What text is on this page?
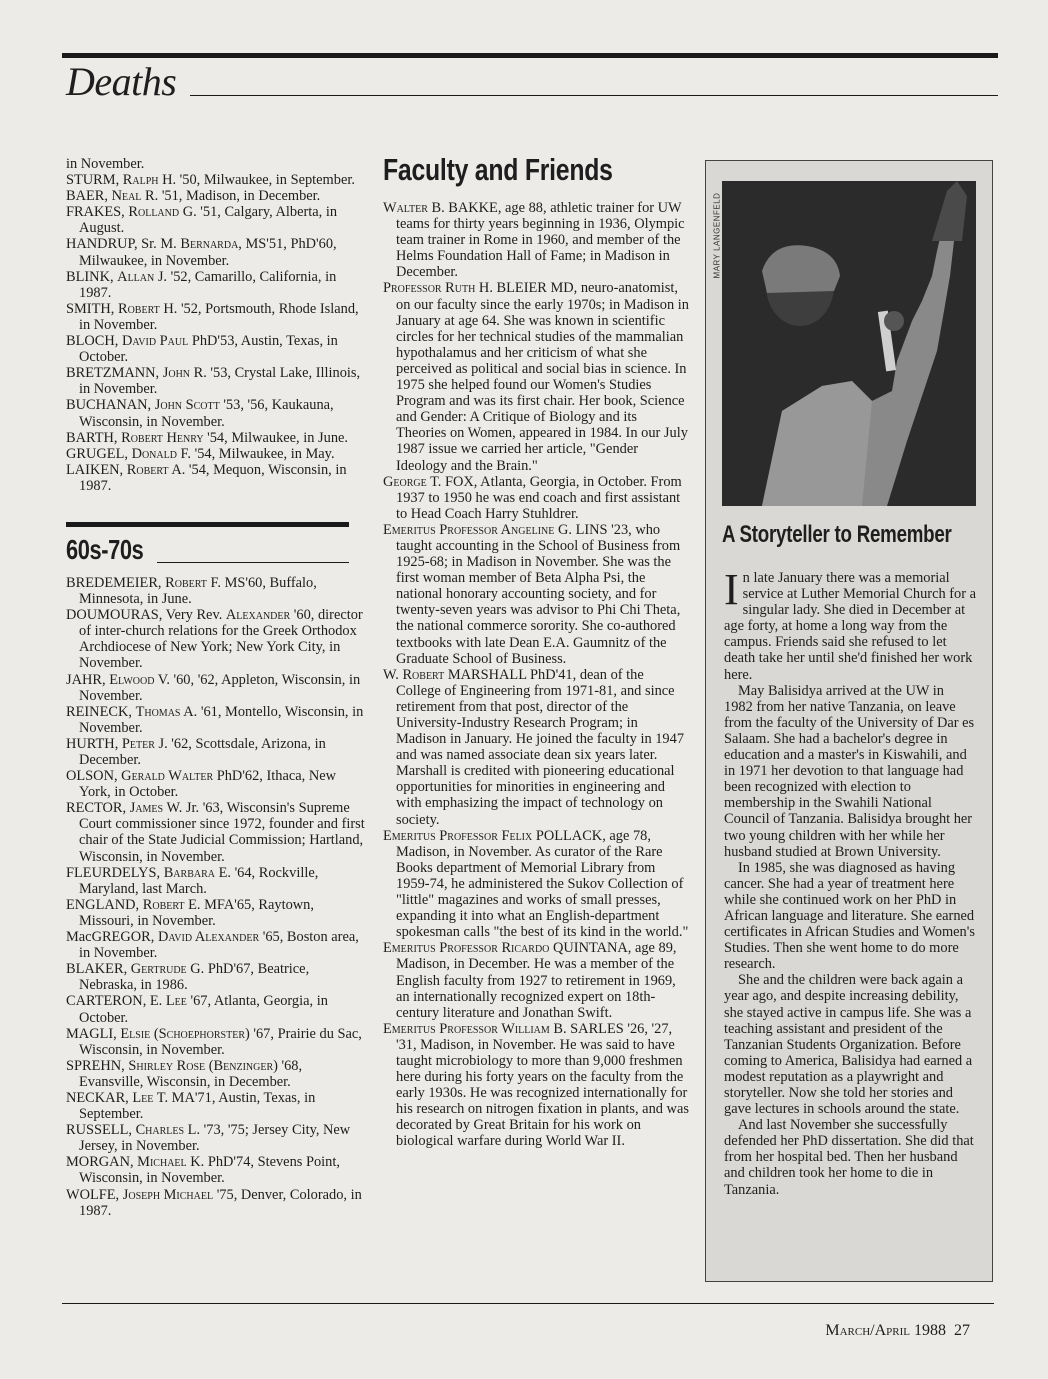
Deaths

in November.

STURM, Ralph H. '50, Milwaukee, in September.

BAER, Neal R. '51, Madison, in December.

FRAKES, Rolland G. '51, Calgary, Alberta, in August.

HANDRUP, Sr. M. Bernarda, MS'51, PhD'60, Milwaukee, in November.

BLINK, Allan J. '52, Camarillo, California, in 1987.

SMITH, Robert H. '52, Portsmouth, Rhode Island, in November.

BLOCH, David Paul PhD'53, Austin, Texas, in October.

BRETZMANN, John R. '53, Crystal Lake, Illinois, in November.

BUCHANAN, John Scott '53, '56, Kaukauna, Wisconsin, in November.

BARTH, Robert Henry '54, Milwaukee, in June.

GRUGEL, Donald F. '54, Milwaukee, in May.

LAIKEN, Robert A. '54, Mequon, Wisconsin, in 1987.

60s-70s

BREDEMEIER, Robert F. MS'60, Buffalo, Minnesota, in June.

DOUMOURAS, Very Rev. Alexander '60, director of inter-church relations for the Greek Orthodox Archdiocese of New York; New York City, in November.

JAHR, Elwood V. '60, '62, Appleton, Wisconsin, in November.

REINECK, Thomas A. '61, Montello, Wisconsin, in November.

HURTH, Peter J. '62, Scottsdale, Arizona, in December.

OLSON, Gerald Walter PhD'62, Ithaca, New York, in October.

RECTOR, James W. Jr. '63, Wisconsin's Supreme Court commissioner since 1972, founder and first chair of the State Judicial Commission; Hartland, Wisconsin, in November.

FLEURDELYS, Barbara E. '64, Rockville, Maryland, last March.

ENGLAND, Robert E. MFA'65, Raytown, Missouri, in November.

MacGREGOR, David Alexander '65, Boston area, in November.

BLAKER, Gertrude G. PhD'67, Beatrice, Nebraska, in 1986.

CARTERON, E. Lee '67, Atlanta, Georgia, in October.

MAGLI, Elsie (Schoephorster) '67, Prairie du Sac, Wisconsin, in November.

SPREHN, Shirley Rose (Benzinger) '68, Evansville, Wisconsin, in December.

NECKAR, Lee T. MA'71, Austin, Texas, in September.

RUSSELL, Charles L. '73, '75; Jersey City, New Jersey, in November.

MORGAN, Michael K. PhD'74, Stevens Point, Wisconsin, in November.

WOLFE, Joseph Michael '75, Denver, Colorado, in 1987.

Faculty and Friends

Walter B. BAKKE, age 88, athletic trainer for UW teams for thirty years beginning in 1936, Olympic team trainer in Rome in 1960, and member of the Helms Foundation Hall of Fame; in Madison in December.

Professor Ruth H. BLEIER MD, neuro-anatomist, on our faculty since the early 1970s; in Madison in January at age 64. She was known in scientific circles for her technical studies of the mammalian hypothalamus and her criticism of what she perceived as political and social bias in science. In 1975 she helped found our Women's Studies Program and was its first chair. Her book, Science and Gender: A Critique of Biology and its Theories on Women, appeared in 1984. In our July 1987 issue we carried her article, "Gender Ideology and the Brain."

George T. FOX, Atlanta, Georgia, in October. From 1937 to 1950 he was end coach and first assistant to Head Coach Harry Stuhldrer.

Emeritus Professor Angeline G. LINS '23, who taught accounting in the School of Business from 1925-68; in Madison in November. She was the first woman member of Beta Alpha Psi, the national honorary accounting society, and for twenty-seven years was advisor to Phi Chi Theta, the national commerce sorority. She co-authored textbooks with late Dean E.A. Gaumnitz of the Graduate School of Business.

W. Robert MARSHALL PhD'41, dean of the College of Engineering from 1971-81, and since retirement from that post, director of the University-Industry Research Program; in Madison in January. He joined the faculty in 1947 and was named associate dean six years later. Marshall is credited with pioneering educational opportunities for minorities in engineering and with emphasizing the impact of technology on society.

Emeritus Professor Felix POLLACK, age 78, Madison, in November. As curator of the Rare Books department of Memorial Library from 1959-74, he administered the Sukov Collection of "little" magazines and works of small presses, expanding it into what an English-department spokesman calls "the best of its kind in the world."

Emeritus Professor Ricardo QUINTANA, age 89, Madison, in December. He was a member of the English faculty from 1927 to retirement in 1969, an internationally recognized expert on 18th-century literature and Jonathan Swift.

Emeritus Professor William B. SARLES '26, '27, '31, Madison, in November. He was said to have taught microbiology to more than 9,000 freshmen here during his forty years on the faculty from the early 1930s. He was recognized internationally for his research on nitrogen fixation in plants, and was decorated by Great Britain for his work on biological warfare during World War II.

MARY LANGENFELD
A Storyteller to Remember

In late January there was a memorial service at Luther Memorial Church for a singular lady. She died in December at age forty, at home a long way from the campus. Friends said she refused to let death take her until she'd finished her work here.

May Balisidya arrived at the UW in 1982 from her native Tanzania, on leave from the faculty of the University of Dar es Salaam. She had a bachelor's degree in education and a master's in Kiswahili, and in 1971 her devotion to that language had been recognized with election to membership in the Swahili National Council of Tanzania. Balisidya brought her two young children with her while her husband studied at Brown University.

In 1985, she was diagnosed as having cancer. She had a year of treatment here while she continued work on her PhD in African language and literature. She earned certificates in African Studies and Women's Studies. Then she went home to do more research.

She and the children were back again a year ago, and despite increasing debility, she stayed active in campus life. She was a teaching assistant and president of the Tanzanian Students Organization. Before coming to America, Balisidya had earned a modest reputation as a playwright and storyteller. Now she told her stories and gave lectures in schools around the state.

And last November she successfully defended her PhD dissertation. She did that from her hospital bed. Then her husband and children took her home to die in Tanzania.

March/April 1988 27
